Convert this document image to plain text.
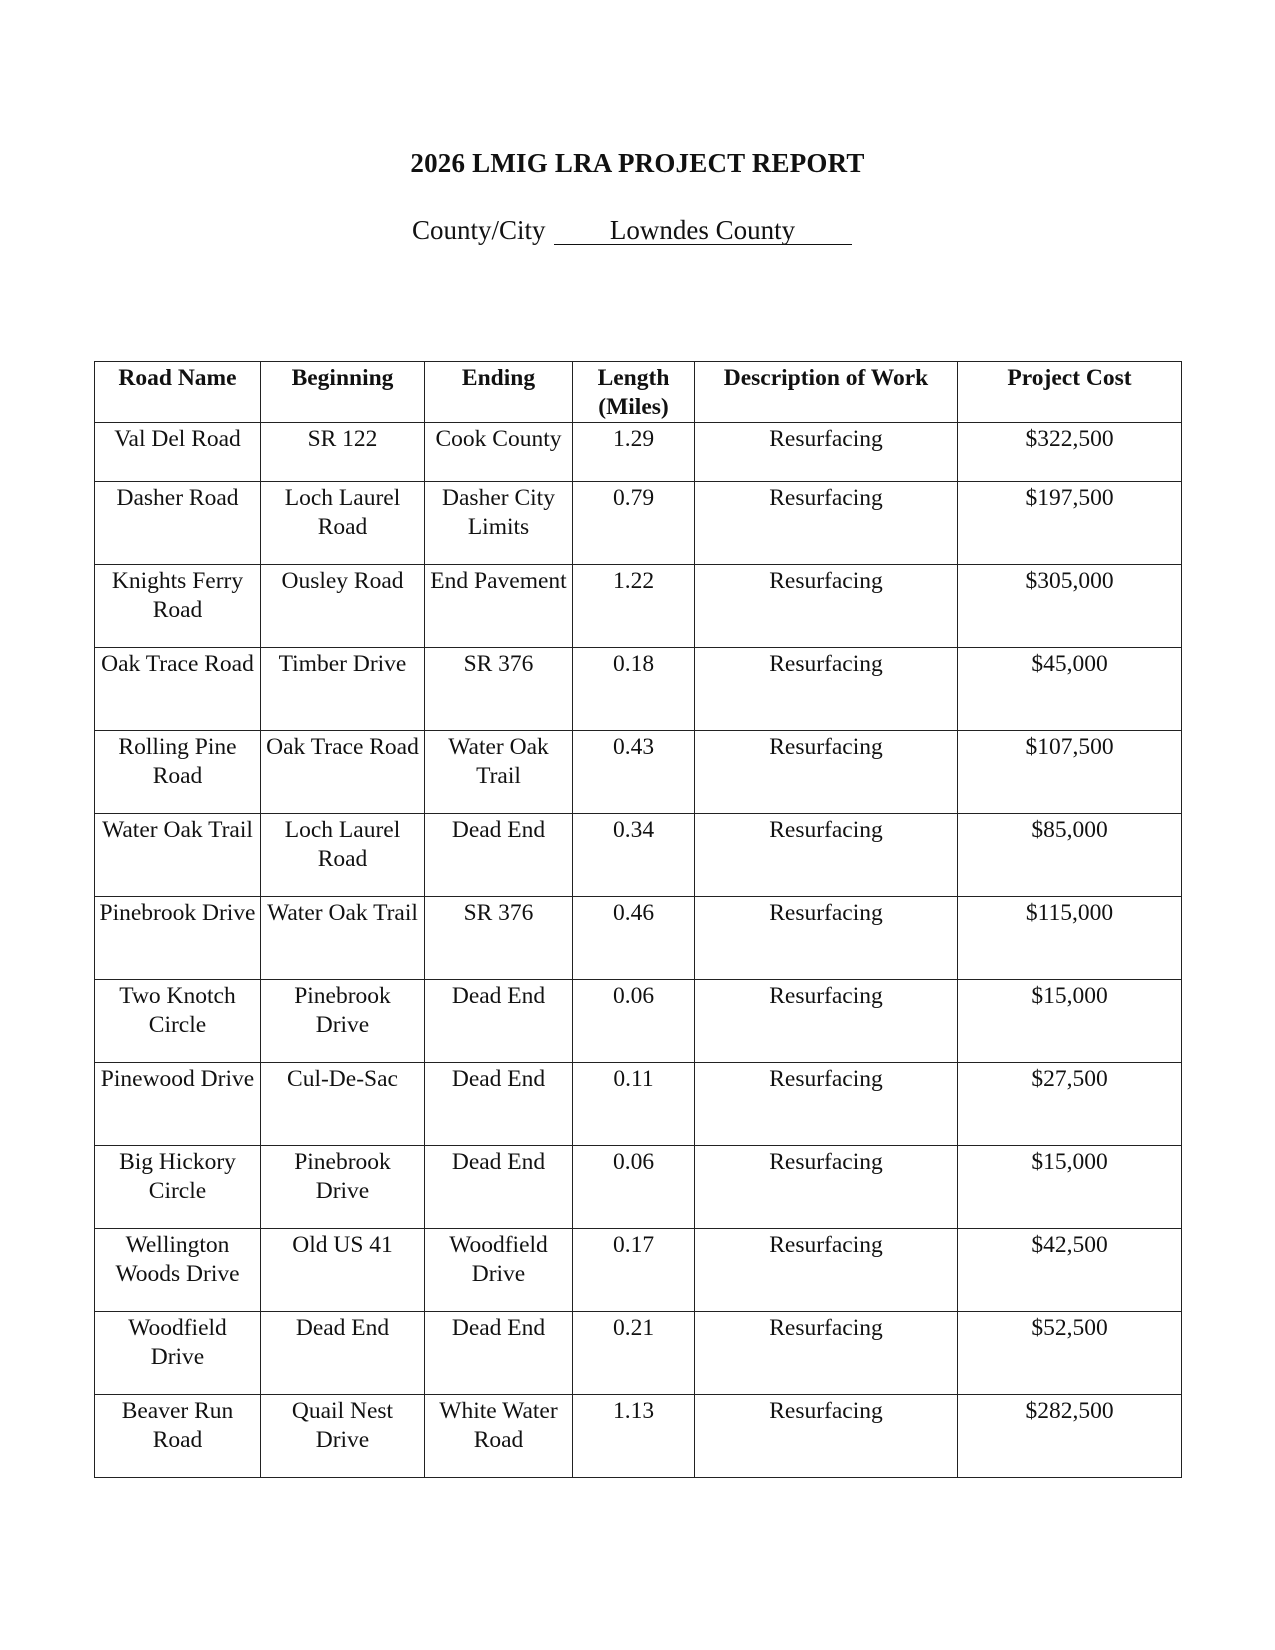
2026 LMIG LRA PROJECT REPORT
County/City Lowndes County
Road Name	Beginning	Ending	Length (Miles)	Description of Work	Project Cost
Val Del Road	SR 122	Cook County	1.29	Resurfacing	$322,500
Dasher Road	Loch Laurel Road	Dasher City Limits	0.79	Resurfacing	$197,500
Knights Ferry Road	Ousley Road	End Pavement	1.22	Resurfacing	$305,000
Oak Trace Road	Timber Drive	SR 376	0.18	Resurfacing	$45,000
Rolling Pine Road	Oak Trace Road	Water Oak Trail	0.43	Resurfacing	$107,500
Water Oak Trail	Loch Laurel Road	Dead End	0.34	Resurfacing	$85,000
Pinebrook Drive	Water Oak Trail	SR 376	0.46	Resurfacing	$115,000
Two Knotch Circle	Pinebrook Drive	Dead End	0.06	Resurfacing	$15,000
Pinewood Drive	Cul-De-Sac	Dead End	0.11	Resurfacing	$27,500
Big Hickory Circle	Pinebrook Drive	Dead End	0.06	Resurfacing	$15,000
Wellington Woods Drive	Old US 41	Woodfield Drive	0.17	Resurfacing	$42,500
Woodfield Drive	Dead End	Dead End	0.21	Resurfacing	$52,500
Beaver Run Road	Quail Nest Drive	White Water Road	1.13	Resurfacing	$282,500
